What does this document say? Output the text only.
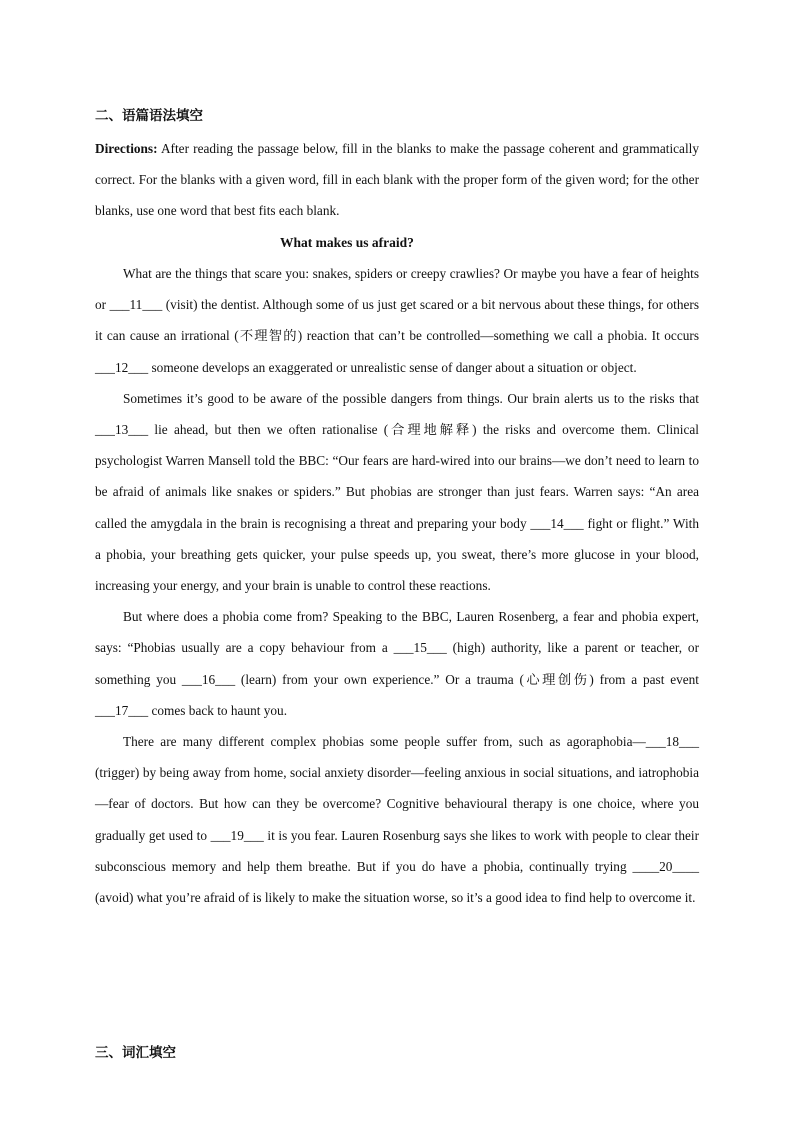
二、语篇语法填空

Directions: After reading the passage below, fill in the blanks to make the passage coherent and grammatically correct. For the blanks with a given word, fill in each blank with the proper form of the given word; for the other blanks, use one word that best fits each blank.

What makes us afraid?

What are the things that scare you: snakes, spiders or creepy crawlies? Or maybe you have a fear of heights or ___11___ (visit) the dentist. Although some of us just get scared or a bit nervous about these things, for others it can cause an irrational (不理智的) reaction that can’t be controlled—something we call a phobia. It occurs ___12___ someone develops an exaggerated or unrealistic sense of danger about a situation or object.

Sometimes it’s good to be aware of the possible dangers from things. Our brain alerts us to the risks that ___13___ lie ahead, but then we often rationalise (合理地解释) the risks and overcome them. Clinical psychologist Warren Mansell told the BBC: “Our fears are hard-wired into our brains—we don’t need to learn to be afraid of animals like snakes or spiders.” But phobias are stronger than just fears. Warren says: “An area called the amygdala in the brain is recognising a threat and preparing your body ___14___ fight or flight.” With a phobia, your breathing gets quicker, your pulse speeds up, you sweat, there’s more glucose in your blood, increasing your energy, and your brain is unable to control these reactions.

But where does a phobia come from? Speaking to the BBC, Lauren Rosenberg, a fear and phobia expert, says: “Phobias usually are a copy behaviour from a ___15___ (high) authority, like a parent or teacher, or something you ___16___ (learn) from your own experience.” Or a trauma (心理创伤) from a past event ___17___ comes back to haunt you.

There are many different complex phobias some people suffer from, such as agoraphobia—___18___ (trigger) by being away from home, social anxiety disorder—feeling anxious in social situations, and iatrophobia—fear of doctors. But how can they be overcome? Cognitive behavioural therapy is one choice, where you gradually get used to ___19___ it is you fear. Lauren Rosenburg says she likes to work with people to clear their subconscious memory and help them breathe. But if you do have a phobia, continually trying ____20____ (avoid) what you’re afraid of is likely to make the situation worse, so it’s a good idea to find help to overcome it.

三、词汇填空
